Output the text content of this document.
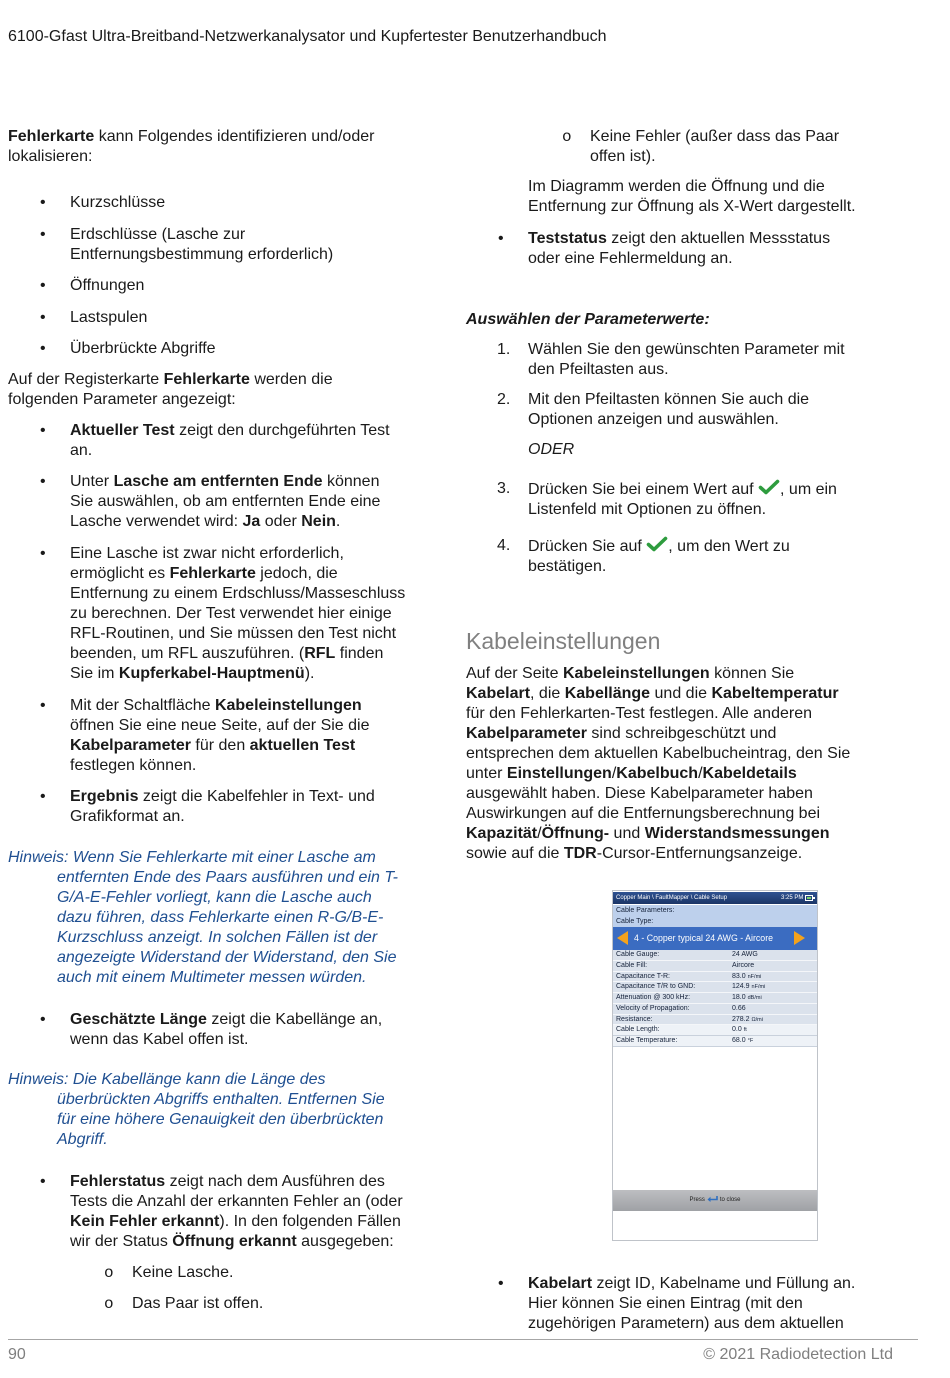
6100-Gfast Ultra-Breitband-Netzwerkanalysator und Kupfertester Benutzerhandbuch
Fehlerkarte kann Folgendes identifizieren und/oder
lokalisieren:
• Kurzschlüsse
• Erdschlüsse (Lasche zur
Entfernungsbestimmung erforderlich)
• Öffnungen
• Lastspulen
• Überbrückte Abgriffe
Auf der Registerkarte Fehlerkarte werden die
folgenden Parameter angezeigt:
• Aktueller Test zeigt den durchgeführten Test
an.
• Unter Lasche am entfernten Ende können
Sie auswählen, ob am entfernten Ende eine
Lasche verwendet wird: Ja oder Nein.
• Eine Lasche ist zwar nicht erforderlich,
ermöglicht es Fehlerkarte jedoch, die
Entfernung zu einem Erdschluss/Masseschluss
zu berechnen. Der Test verwendet hier einige
RFL-Routinen, und Sie müssen den Test nicht
beenden, um RFL auszuführen. (RFL finden
Sie im Kupferkabel-Hauptmenü).
• Mit der Schaltfläche Kabeleinstellungen
öffnen Sie eine neue Seite, auf der Sie die
Kabelparameter für den aktuellen Test
festlegen können.
• Ergebnis zeigt die Kabelfehler in Text- und
Grafikformat an.
Hinweis: Wenn Sie Fehlerkarte mit einer Lasche am
entfernten Ende des Paars ausführen und ein T-
G/A-E-Fehler vorliegt, kann die Lasche auch
dazu führen, dass Fehlerkarte einen R-G/B-E-
Kurzschluss anzeigt. In solchen Fällen ist der
angezeigte Widerstand der Widerstand, den Sie
auch mit einem Multimeter messen würden.
• Geschätzte Länge zeigt die Kabellänge an,
wenn das Kabel offen ist.
Hinweis: Die Kabellänge kann die Länge des
überbrückten Abgriffs enthalten. Entfernen Sie
für eine höhere Genauigkeit den überbrückten
Abgriff.
• Fehlerstatus zeigt nach dem Ausführen des
Tests die Anzahl der erkannten Fehler an (oder
Kein Fehler erkannt). In den folgenden Fällen
wir der Status Öffnung erkannt ausgegeben:
o Keine Lasche.
o Das Paar ist offen.
o Keine Fehler (außer dass das Paar
offen ist).
Im Diagramm werden die Öffnung und die
Entfernung zur Öffnung als X-Wert dargestellt.
• Teststatus zeigt den aktuellen Messstatus
oder eine Fehlermeldung an.
Auswählen der Parameterwerte:
1. Wählen Sie den gewünschten Parameter mit
den Pfeiltasten aus.
2. Mit den Pfeiltasten können Sie auch die
Optionen anzeigen und auswählen.
ODER
3. Drücken Sie bei einem Wert auf
, um ein
Listenfeld mit Optionen zu öffnen.
4. Drücken Sie auf
, um den Wert zu
bestätigen.
Kabeleinstellungen
Auf der Seite Kabeleinstellungen können Sie
Kabelart, die Kabellänge und die Kabeltemperatur
für den Fehlerkarten-Test festlegen. Alle anderen
Kabelparameter sind schreibgeschützt und
entsprechen dem aktuellen Kabelbucheintrag, den Sie
unter Einstellungen/Kabelbuch/Kabeldetails
ausgewählt haben. Diese Kabelparameter haben
Auswirkungen auf die Entfernungsberechnung bei
Kapazität/Öffnung- und Widerstandsmessungen
sowie auf die TDR-Cursor-Entfernungsanzeige.
Copper Main \ FaultMapper \ Cable Setup	3:25 PM
Cable Parameters:
Cable Type:
4 - Copper typical 24 AWG - Aircore
Cable Gauge:	24 AWG
Cable Fill:	Aircore
Capacitance T-R:	83.0 nF/mi
Capacitance T/R to GND:	124.9 nF/mi
Attenuation @ 300 kHz:	18.0 dB/mi
Velocity of Propagation:	0.66
Resistance:	278.2 Ω/mi
Cable Length:	0.0 ft
Cable Temperature:	68.0 °F
Press	to close
• Kabelart zeigt ID, Kabelname und Füllung an.
Hier können Sie einen Eintrag (mit den
zugehörigen Parametern) aus dem aktuellen
90	© 2021 Radiodetection Ltd
